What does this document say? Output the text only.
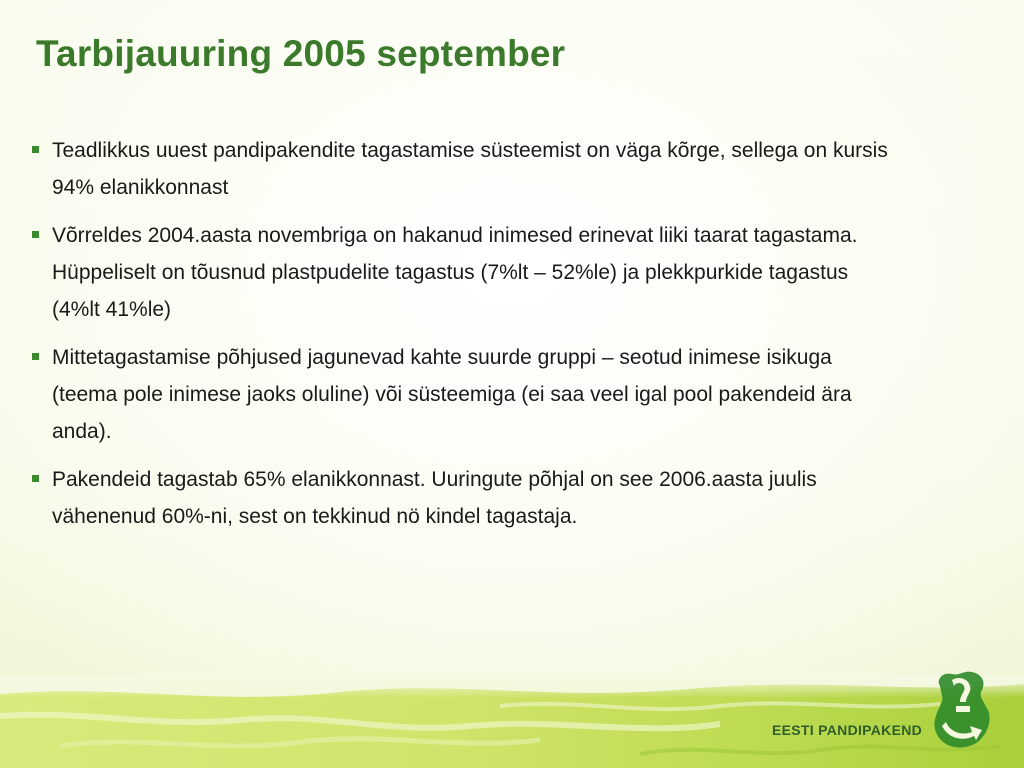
Tarbijauuring 2005 september
Teadlikkus uuest pandipakendite tagastamise süsteemist on väga kõrge, sellega on kursis 94% elanikkonnast
Võrreldes 2004.aasta novembriga on hakanud inimesed erinevat liiki taarat tagastama. Hüppeliselt on tõusnud plastpudelite tagastus (7%lt – 52%le) ja plekkpurkide tagastus (4%lt 41%le)
Mittetagastamise põhjused jagunevad kahte suurde gruppi – seotud inimese isikuga (teema pole inimese jaoks oluline) või süsteemiga (ei saa veel igal pool pakendeid ära anda).
Pakendeid tagastab 65% elanikkonnast. Uuringute põhjal on see 2006.aasta juulis vähenenud 60%-ni, sest on tekkinud nö kindel tagastaja.
EESTI PANDIPAKEND
